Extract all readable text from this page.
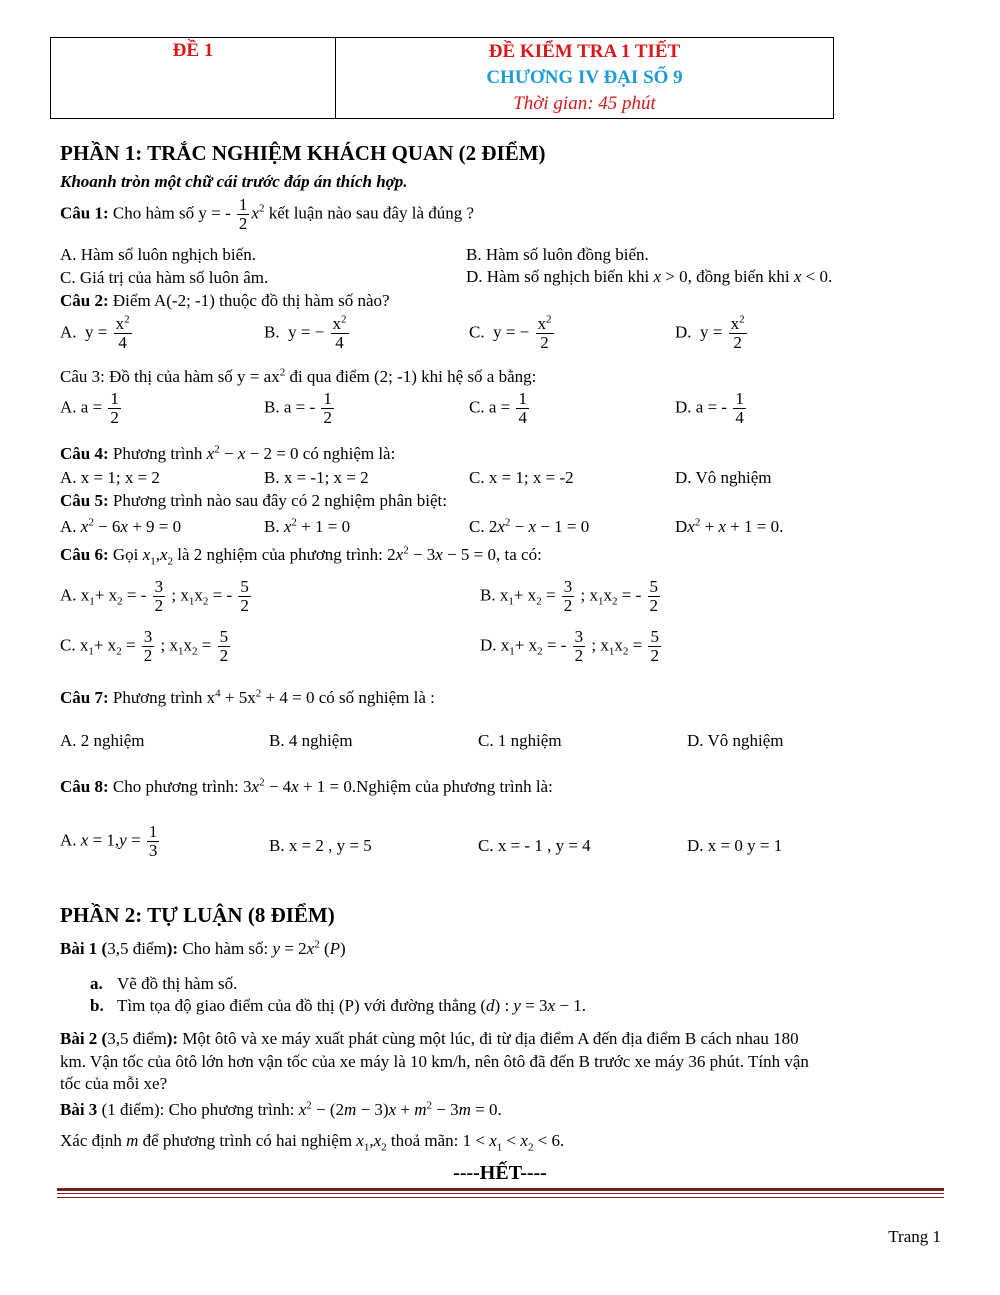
ĐỀ 1	ĐỀ KIỂM TRA 1 TIẾT
CHƯƠNG IV ĐẠI SỐ 9
Thời gian: 45 phút
PHẦN 1: TRẮC NGHIỆM KHÁCH QUAN (2 ĐIỂM)
Khoanh tròn một chữ cái trước đáp án thích hợp.
Câu 1: Cho hàm số y = - $\frac{1}{2} x^2$ kết luận nào sau đây là đúng ?
A. Hàm số luôn nghịch biến.	B. Hàm số luôn đồng biến.
C. Giá trị của hàm số luôn âm.	D. Hàm số nghịch biến khi x > 0, đồng biến khi x < 0.
Câu 2: Điểm A(-2; -1) thuộc đồ thị hàm số nào?
A.  $y = \frac{x^2}{4}$	B.  y = − $\frac{x^2}{4}$	C.  y = − $\frac{x^2}{2}$	D.  $y = \frac{x^2}{2}$
Câu 3: Đồ thị của hàm số $y = ax^2$ đi qua điểm (2; -1) khi hệ số a bằng:
A. $a = \frac{1}{2}$	B. a = - $\frac{1}{2}$	C. $a = \frac{1}{4}$	D. a = - $\frac{1}{4}$
Câu 4: Phương trình $x^2 - x - 2 = 0$ có nghiệm là:
A. x = 1; x = 2	B. x = -1; x = 2	C. x = 1; x = -2	D. Vô nghiệm
Câu 5: Phương trình nào sau đây có 2 nghiệm phân biệt:
A. $x^2 - 6x + 9 = 0$	B. $x^2 + 1 = 0$	C. $2x^2 - x - 1 = 0$	$Dx^2 + x + 1 = 0$.
Câu 6: Gọi $x_1,x_2$ là 2 nghiệm của phương trình: $2x^2 - 3x - 5 = 0$, ta có:
A. $x_1+ x_2$ = - $\frac{3}{2}$ ; $x_1x_2$ = - $\frac{5}{2}$	B. $x_1+ x_2 = \frac{3}{2}$ ; $x_1x_2$ = - $\frac{5}{2}$
C. $x_1+ x_2 = \frac{3}{2}$ ; $x_1x_2 = \frac{5}{2}$	D. $x_1+ x_2$ = - $\frac{3}{2}$ ; $x_1x_2 = \frac{5}{2}$
Câu 7: Phương trình $x^4 + 5x^2 + 4 = 0$ có số nghiệm là :
A. 2 nghiệm	B. 4 nghiệm	C. 1 nghiệm	D. Vô nghiệm
Câu 8: Cho phương trình: $3x^2 - 4x + 1$ = 0.Nghiệm của phương trình là:
A. $x = 1,y = \frac{1}{3}$	B. x = 2 , y = 5	C. x = - 1 , y = 4	D. x = 0 y = 1
PHẦN 2: TỰ LUẬN (8 ĐIỂM)
Bài 1 (3,5 điểm): Cho hàm số: $y = 2x^2$ (P)
a. Vẽ đồ thị hàm số.
b. Tìm tọa độ giao điểm của đồ thị (P) với đường thẳng (d) : y = 3x − 1.
Bài 2 (3,5 điểm): Một ôtô và xe máy xuất phát cùng một lúc, đi từ địa điểm A đến địa điểm B cách nhau 180
km. Vận tốc của ôtô lớn hơn vận tốc của xe máy là 10 km/h, nên ôtô đã đến B trước xe máy 36 phút. Tính vận
tốc của mỗi xe?
Bài 3 (1 điểm): Cho phương trình: $x^2 - (2m - 3)x + m^2 - 3m = 0$.
Xác định m để phương trình có hai nghiệm $x_1,x_2$ thoả mãn: $1 < x_1 < x_2 < 6$.
----HẾT----
Trang 1
